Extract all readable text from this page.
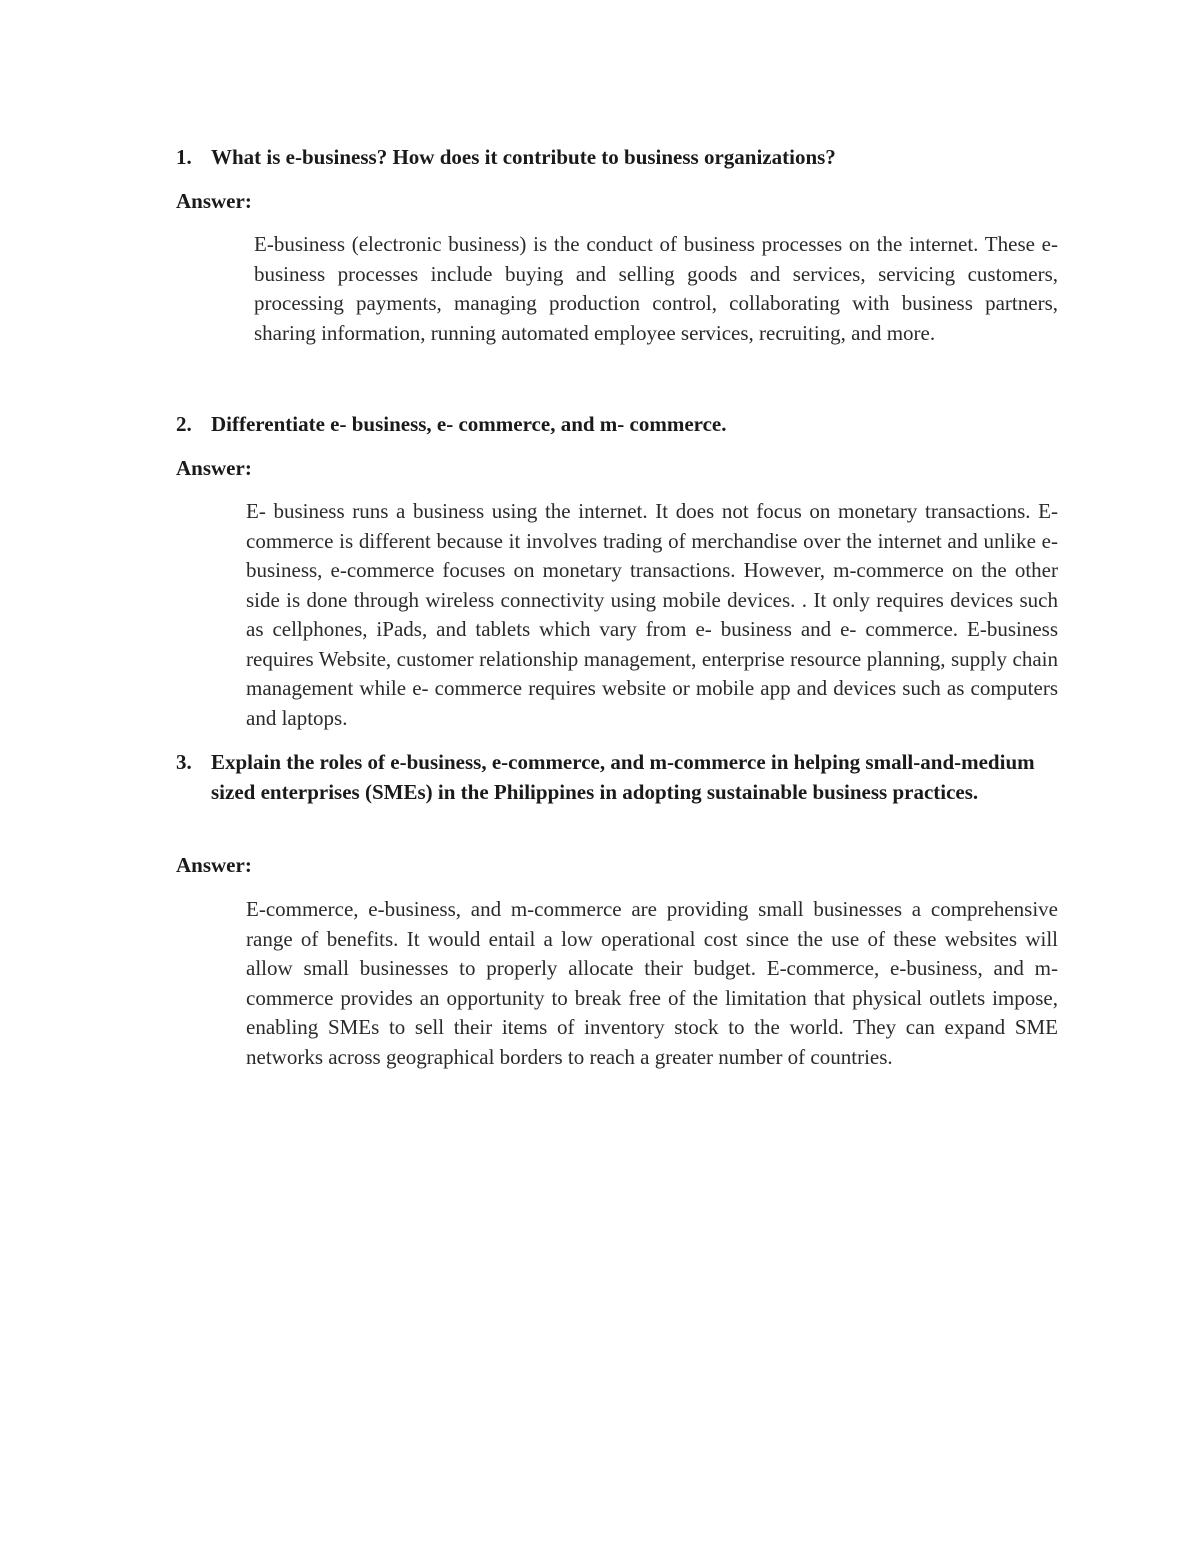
1. What is e-business? How does it contribute to business organizations?
Answer:
E-business (electronic business) is the conduct of business processes on the internet. These e-business processes include buying and selling goods and services, servicing customers, processing payments, managing production control, collaborating with business partners, sharing information, running automated employee services, recruiting, and more.
2. Differentiate e- business, e- commerce, and m- commerce.
Answer:
E- business runs a business using the internet. It does not focus on monetary transactions. E- commerce is different because it involves trading of merchandise over the internet and unlike e- business, e-commerce focuses on monetary transactions. However, m-commerce on the other side is done through wireless connectivity using mobile devices. . It only requires devices such as cellphones, iPads, and tablets which vary from e- business and e- commerce. E-business requires Website, customer relationship management, enterprise resource planning, supply chain management while e- commerce requires website or mobile app and devices such as computers and laptops.
3. Explain the roles of e-business, e-commerce, and m-commerce in helping small-and-medium sized enterprises (SMEs) in the Philippines in adopting sustainable business practices.
Answer:
E-commerce, e-business, and m-commerce are providing small businesses a comprehensive range of benefits. It would entail a low operational cost since the use of these websites will allow small businesses to properly allocate their budget. E-commerce, e-business, and m-commerce provides an opportunity to break free of the limitation that physical outlets impose, enabling SMEs to sell their items of inventory stock to the world. They can expand SME networks across geographical borders to reach a greater number of countries.
